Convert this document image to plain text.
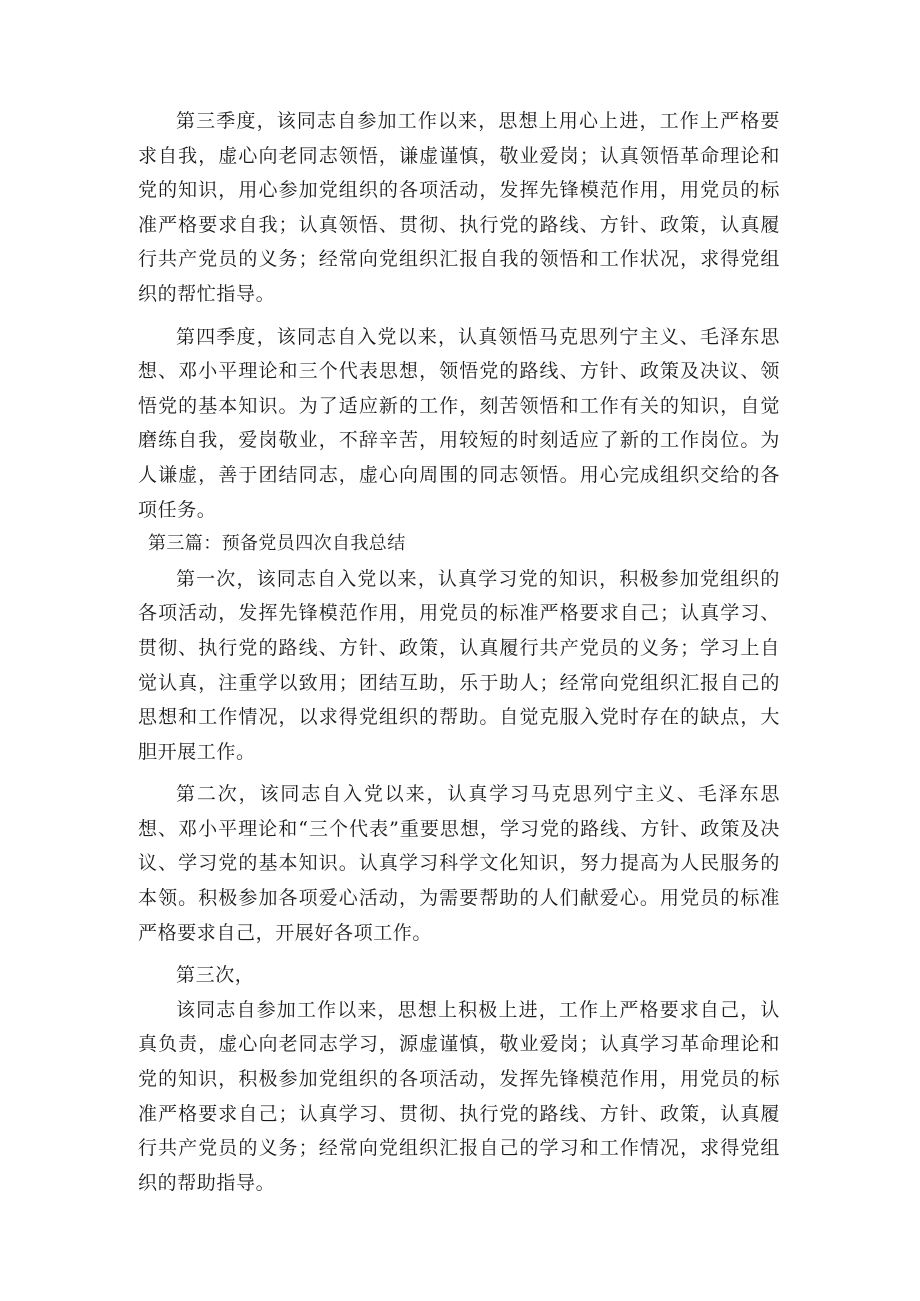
第三季度，该同志自参加工作以来，思想上用心上进，工作上严格要求自我，虚心向老同志领悟，谦虚谨慎，敬业爱岗；认真领悟革命理论和党的知识，用心参加党组织的各项活动，发挥先锋模范作用，用党员的标准严格要求自我；认真领悟、贯彻、执行党的路线、方针、政策，认真履行共产党员的义务；经常向党组织汇报自我的领悟和工作状况，求得党组织的帮忙指导。

第四季度，该同志自入党以来，认真领悟马克思列宁主义、毛泽东思想、邓小平理论和三个代表思想，领悟党的路线、方针、政策及决议、领悟党的基本知识。为了适应新的工作，刻苦领悟和工作有关的知识，自觉磨练自我，爱岗敬业，不辞辛苦，用较短的时刻适应了新的工作岗位。为人谦虚，善于团结同志，虚心向周围的同志领悟。用心完成组织交给的各项任务。

第三篇：预备党员四次自我总结

第一次，该同志自入党以来，认真学习党的知识，积极参加党组织的各项活动，发挥先锋模范作用，用党员的标准严格要求自己；认真学习、贯彻、执行党的路线、方针、政策，认真履行共产党员的义务；学习上自觉认真，注重学以致用；团结互助，乐于助人；经常向党组织汇报自己的思想和工作情况，以求得党组织的帮助。自觉克服入党时存在的缺点，大胆开展工作。

第二次，该同志自入党以来，认真学习马克思列宁主义、毛泽东思想、邓小平理论和“三个代表”重要思想，学习党的路线、方针、政策及决议、学习党的基本知识。认真学习科学文化知识，努力提高为人民服务的本领。积极参加各项爱心活动，为需要帮助的人们献爱心。用党员的标准严格要求自己，开展好各项工作。

第三次，

该同志自参加工作以来，思想上积极上进，工作上严格要求自己，认真负责，虚心向老同志学习，源虚谨慎，敬业爱岗；认真学习革命理论和党的知识，积极参加党组织的各项活动，发挥先锋模范作用，用党员的标准严格要求自己；认真学习、贯彻、执行党的路线、方针、政策，认真履行共产党员的义务；经常向党组织汇报自己的学习和工作情况，求得党组织的帮助指导。
